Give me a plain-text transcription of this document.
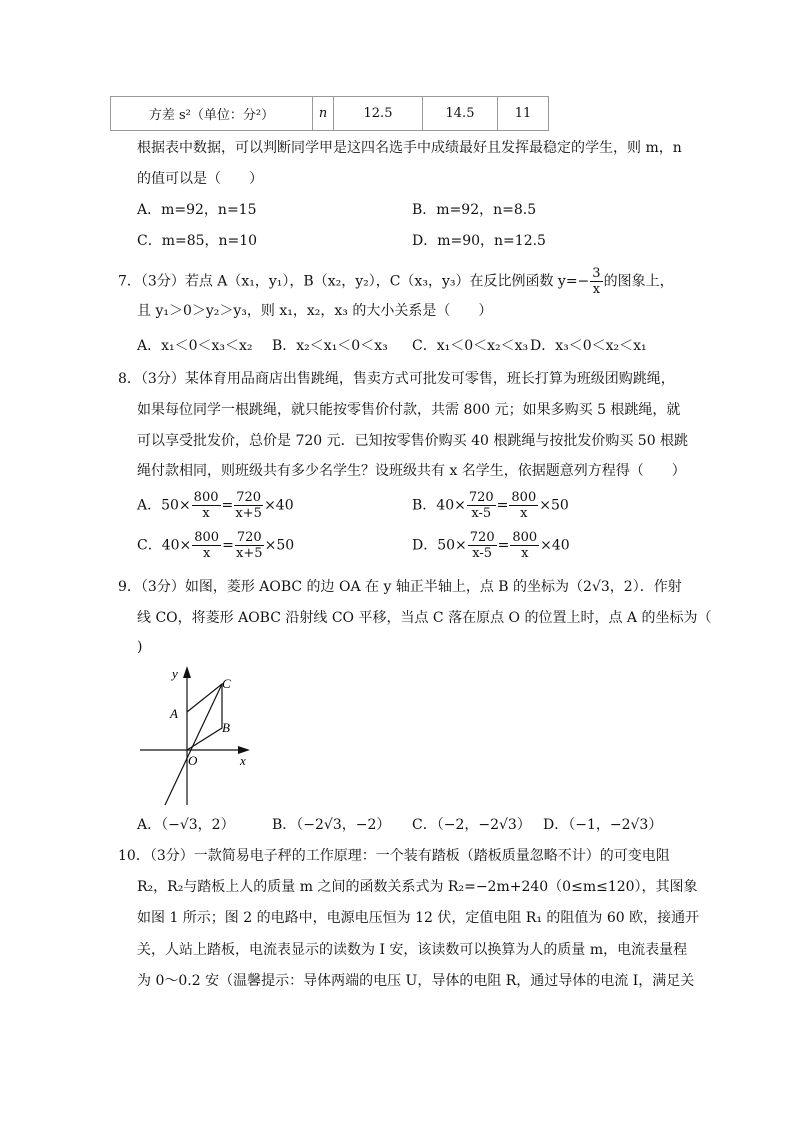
方差 s²（单位：分²）	n	12.5	14.5	11
根据表中数据，可以判断同学甲是这四名选手中成绩最好且发挥最稳定的学生，则 m，n
的值可以是（　　）
A．m=92，n=15	B．m=92，n=8.5
C．m=85，n=10	D．m=90，n=12.5
7．（3分）若点 A（x₁，y₁），B（x₂，y₂），C（x₃，y₃）在反比例函数 $y=- \frac{3}{x}$ 的图象上，
且 y₁＞0＞y₂＞y₃，则 x₁，x₂，x₃ 的大小关系是（　　）
A．x₁＜0＜x₃＜x₂ B．x₂＜x₁＜0＜x₃ C．x₁＜0＜x₂＜x₃ D．x₃＜0＜x₂＜x₁
8．（3分）某体育用品商店出售跳绳，售卖方式可批发可零售，班长打算为班级团购跳绳，
如果每位同学一根跳绳，就只能按零售价付款，共需 800 元；如果多购买 5 根跳绳，就
可以享受批发价，总价是 720 元．已知按零售价购买 40 根跳绳与按批发价购买 50 根跳
绳付款相同，则班级共有多少名学生？设班级共有 x 名学生，依据题意列方程得（　　）
A．$50\times \frac{800}{x} = \frac{720}{x+5} \times 40$	B．$40\times \frac{720}{x-5} = \frac{800}{x} \times 50$
C．$40\times \frac{800}{x} = \frac{720}{x+5} \times 50$	D．$50\times \frac{720}{x-5} = \frac{800}{x} \times 40$
9．（3分）如图，菱形 AOBC 的边 OA 在 y 轴正半轴上，点 B 的坐标为（2√3，2）．作射
线 CO，将菱形 AOBC 沿射线 CO 平移，当点 C 落在原点 O 的位置上时，点 A 的坐标为（
)
y
x
O
A
B
C
A．（−√3，2）	B．（−2√3，−2） C．（−2，−2√3） D．（−1，−2√3）
10．（3分）一款简易电子秤的工作原理：一个装有踏板（踏板质量忽略不计）的可变电阻
R₂，R₂与踏板上人的质量 m 之间的函数关系式为 R₂=−2m+240（0≤m≤120），其图象
如图 1 所示；图 2 的电路中，电源电压恒为 12 伏，定值电阻 R₁ 的阻值为 60 欧，接通开
关，人站上踏板，电流表显示的读数为 I 安，该读数可以换算为人的质量 m，电流表量程
为 0～0.2 安（温馨提示：导体两端的电压 U，导体的电阻 R，通过导体的电流 I，满足关
